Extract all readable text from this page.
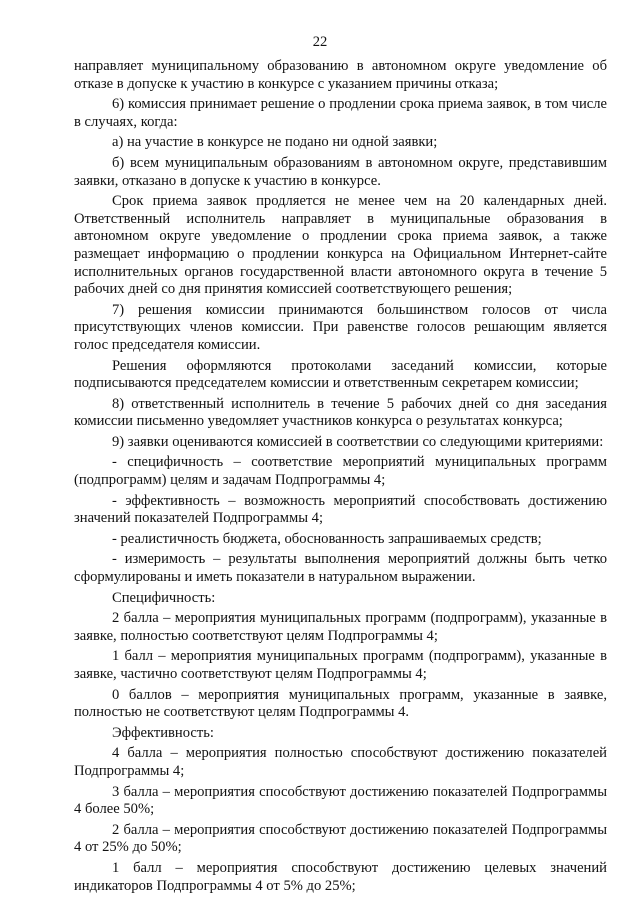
22

направляет муниципальному образованию в автономном округе уведомление об отказе в допуске к участию в конкурсе с указанием причины отказа;

6) комиссия принимает решение о продлении срока приема заявок, в том числе в случаях, когда:

а) на участие в конкурсе не подано ни одной заявки;

б) всем муниципальным образованиям в автономном округе, представившим заявки, отказано в допуске к участию в конкурсе.

Срок приема заявок продляется не менее чем на 20 календарных дней. Ответственный исполнитель направляет в муниципальные образования в автономном округе уведомление о продлении срока приема заявок, а также размещает информацию о продлении конкурса на Официальном Интернет-сайте исполнительных органов государственной власти автономного округа в течение 5 рабочих дней со дня принятия комиссией соответствующего решения;

7) решения комиссии принимаются большинством голосов от числа присутствующих членов комиссии. При равенстве голосов решающим является голос председателя комиссии.

Решения оформляются протоколами заседаний комиссии, которые подписываются председателем комиссии и ответственным секретарем комиссии;

8) ответственный исполнитель в течение 5 рабочих дней со дня заседания комиссии письменно уведомляет участников конкурса о результатах конкурса;

9) заявки оцениваются комиссией в соответствии со следующими критериями:

- специфичность – соответствие мероприятий муниципальных программ (подпрограмм) целям и задачам Подпрограммы 4;

- эффективность – возможность мероприятий способствовать достижению значений показателей Подпрограммы 4;

- реалистичность бюджета, обоснованность запрашиваемых средств;

- измеримость – результаты выполнения мероприятий должны быть четко сформулированы и иметь показатели в натуральном выражении.

Специфичность:

2 балла – мероприятия муниципальных программ (подпрограмм), указанные в заявке, полностью соответствуют целям Подпрограммы 4;

1 балл – мероприятия муниципальных программ (подпрограмм), указанные в заявке, частично соответствуют целям Подпрограммы 4;

0 баллов – мероприятия муниципальных программ, указанные в заявке, полностью не соответствуют целям Подпрограммы 4.

Эффективность:

4 балла – мероприятия полностью способствуют достижению показателей Подпрограммы 4;

3 балла – мероприятия способствуют достижению показателей Подпрограммы 4 более 50%;

2 балла – мероприятия способствуют достижению показателей Подпрограммы 4 от 25% до 50%;

1 балл – мероприятия способствуют достижению целевых значений индикаторов Подпрограммы 4 от 5% до 25%;
